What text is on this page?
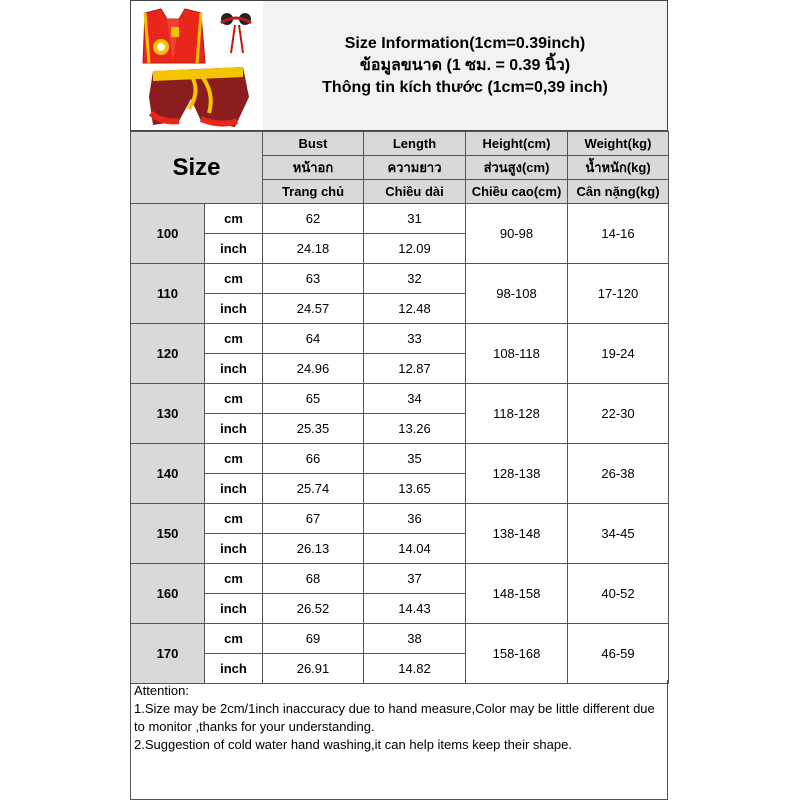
Size Information(1cm=0.39inch)
ข้อมูลขนาด (1 ซม. = 0.39 นิ้ว)
Thông tin kích thước (1cm=0,39 inch)
Size		Bust	Length	Height(cm)	Weight(kg)
		หน้าอก	ความยาว	ส่วนสูง(cm)	น้ำหนัก(kg)
		Trang chủ	Chiều dài	Chiều cao(cm)	Cân nặng(kg)
100	cm	62	31	90-98	14-16
	inch	24.18	12.09		
110	cm	63	32	98-108	17-120
	inch	24.57	12.48		
120	cm	64	33	108-118	19-24
	inch	24.96	12.87		
130	cm	65	34	118-128	22-30
	inch	25.35	13.26		
140	cm	66	35	128-138	26-38
	inch	25.74	13.65		
150	cm	67	36	138-148	34-45
	inch	26.13	14.04		
160	cm	68	37	148-158	40-52
	inch	26.52	14.43		
170	cm	69	38	158-168	46-59
	inch	26.91	14.82		

Attention:

1.Size may be 2cm/1inch inaccuracy due to hand measure,Color may be little different due to monitor ,thanks for your understanding.

2.Suggestion of cold water hand washing,it can help items keep their shape.
